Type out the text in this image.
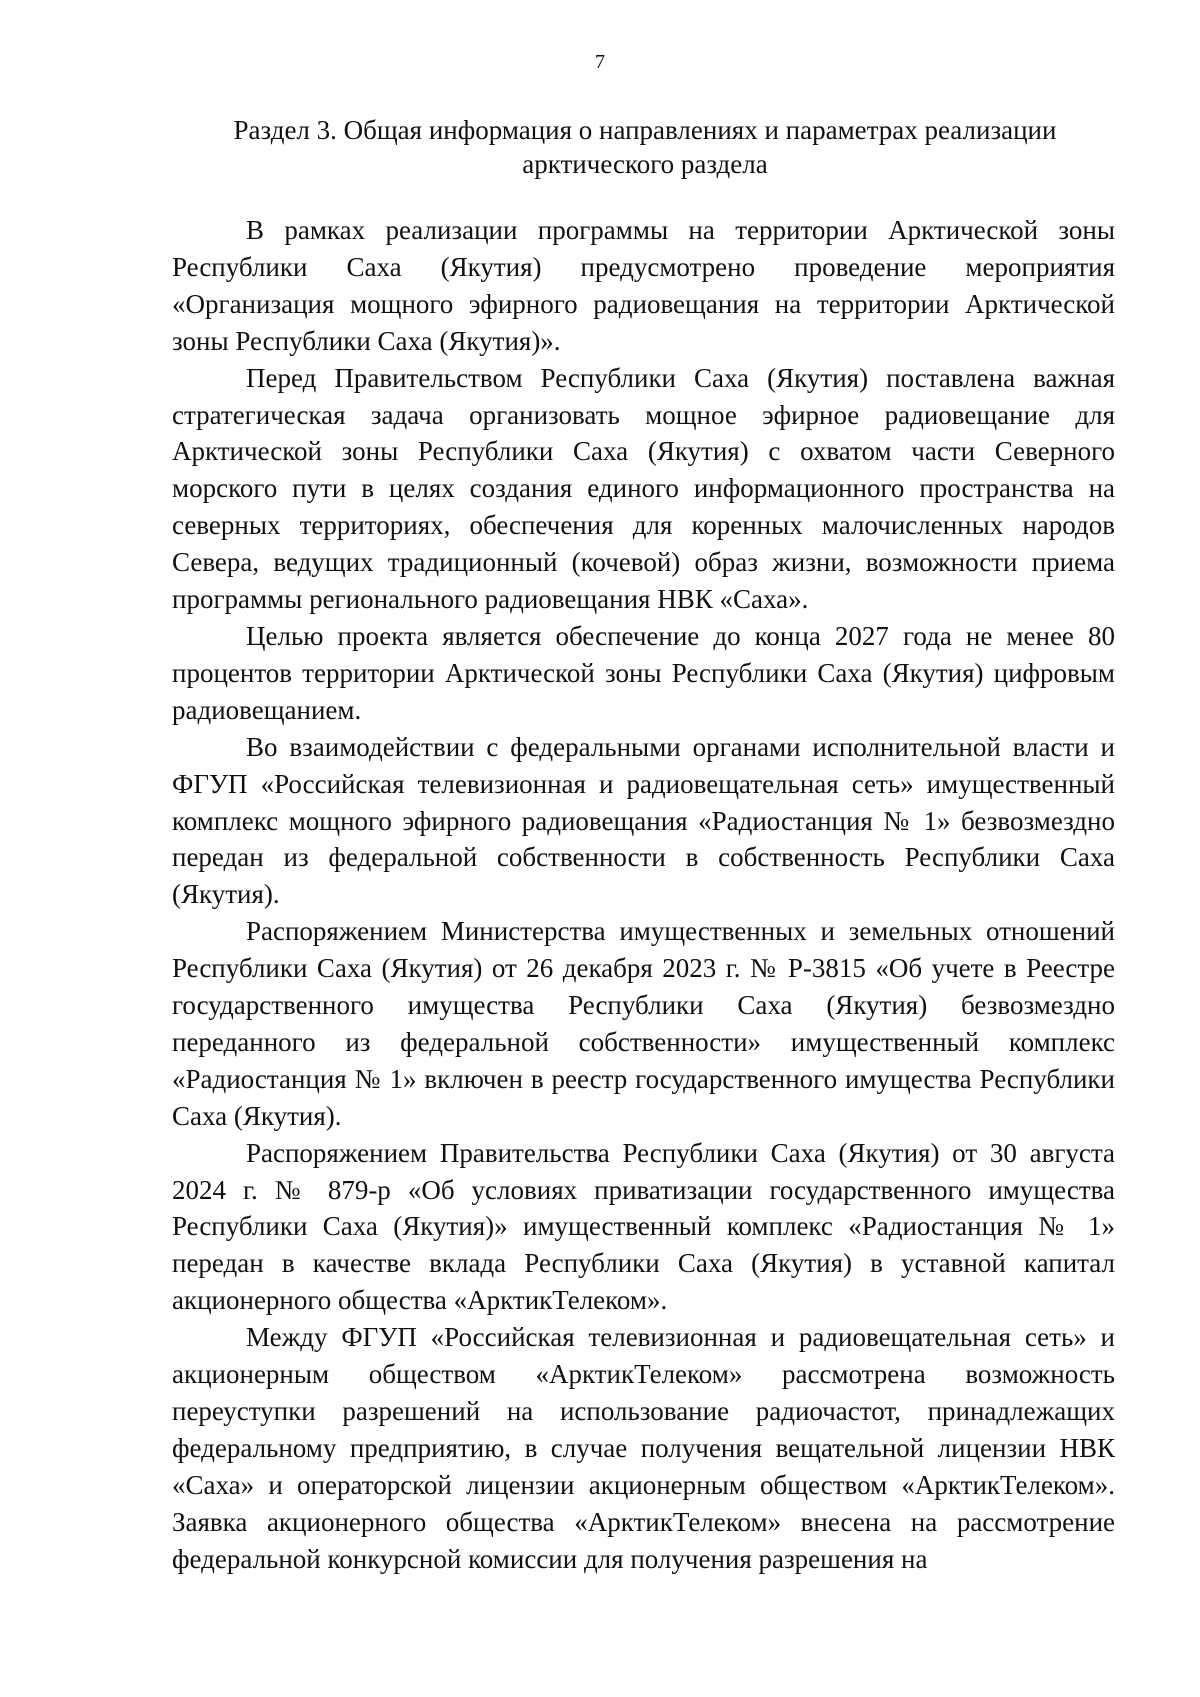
7
Раздел 3. Общая информация о направлениях и параметрах реализации
арктического раздела

В рамках реализации программы на территории Арктической зоны Республики Саха (Якутия) предусмотрено проведение мероприятия «Организация мощного эфирного радиовещания на территории Арктической зоны Республики Саха (Якутия)».

Перед Правительством Республики Саха (Якутия) поставлена важная стратегическая задача организовать мощное эфирное радиовещание для Арктической зоны Республики Саха (Якутия) с охватом части Северного морского пути в целях создания единого информационного пространства на северных территориях, обеспечения для коренных малочисленных народов Севера, ведущих традиционный (кочевой) образ жизни, возможности приема программы регионального радиовещания НВК «Саха».

Целью проекта является обеспечение до конца 2027 года не менее 80 процентов территории Арктической зоны Республики Саха (Якутия) цифровым радиовещанием.

Во взаимодействии с федеральными органами исполнительной власти и ФГУП «Российская телевизионная и радиовещательная сеть» имущественный комплекс мощного эфирного радиовещания «Радиостанция № 1» безвозмездно передан из федеральной собственности в собственность Республики Саха (Якутия).

Распоряжением Министерства имущественных и земельных отношений Республики Саха (Якутия) от 26 декабря 2023 г. № Р-3815 «Об учете в Реестре государственного имущества Республики Саха (Якутия) безвозмездно переданного из федеральной собственности» имущественный комплекс «Радиостанция № 1» включен в реестр государственного имущества Республики Саха (Якутия).

Распоряжением Правительства Республики Саха (Якутия) от 30 августа 2024 г. № 879-р «Об условиях приватизации государственного имущества Республики Саха (Якутия)» имущественный комплекс «Радиостанция № 1» передан в качестве вклада Республики Саха (Якутия) в уставной капитал акционерного общества «АрктикТелеком».

Между ФГУП «Российская телевизионная и радиовещательная сеть» и акционерным обществом «АрктикТелеком» рассмотрена возможность переуступки разрешений на использование радиочастот, принадлежащих федеральному предприятию, в случае получения вещательной лицензии НВК «Саха» и операторской лицензии акционерным обществом «АрктикТелеком». Заявка акционерного общества «АрктикТелеком» внесена на рассмотрение федеральной конкурсной комиссии для получения разрешения на
